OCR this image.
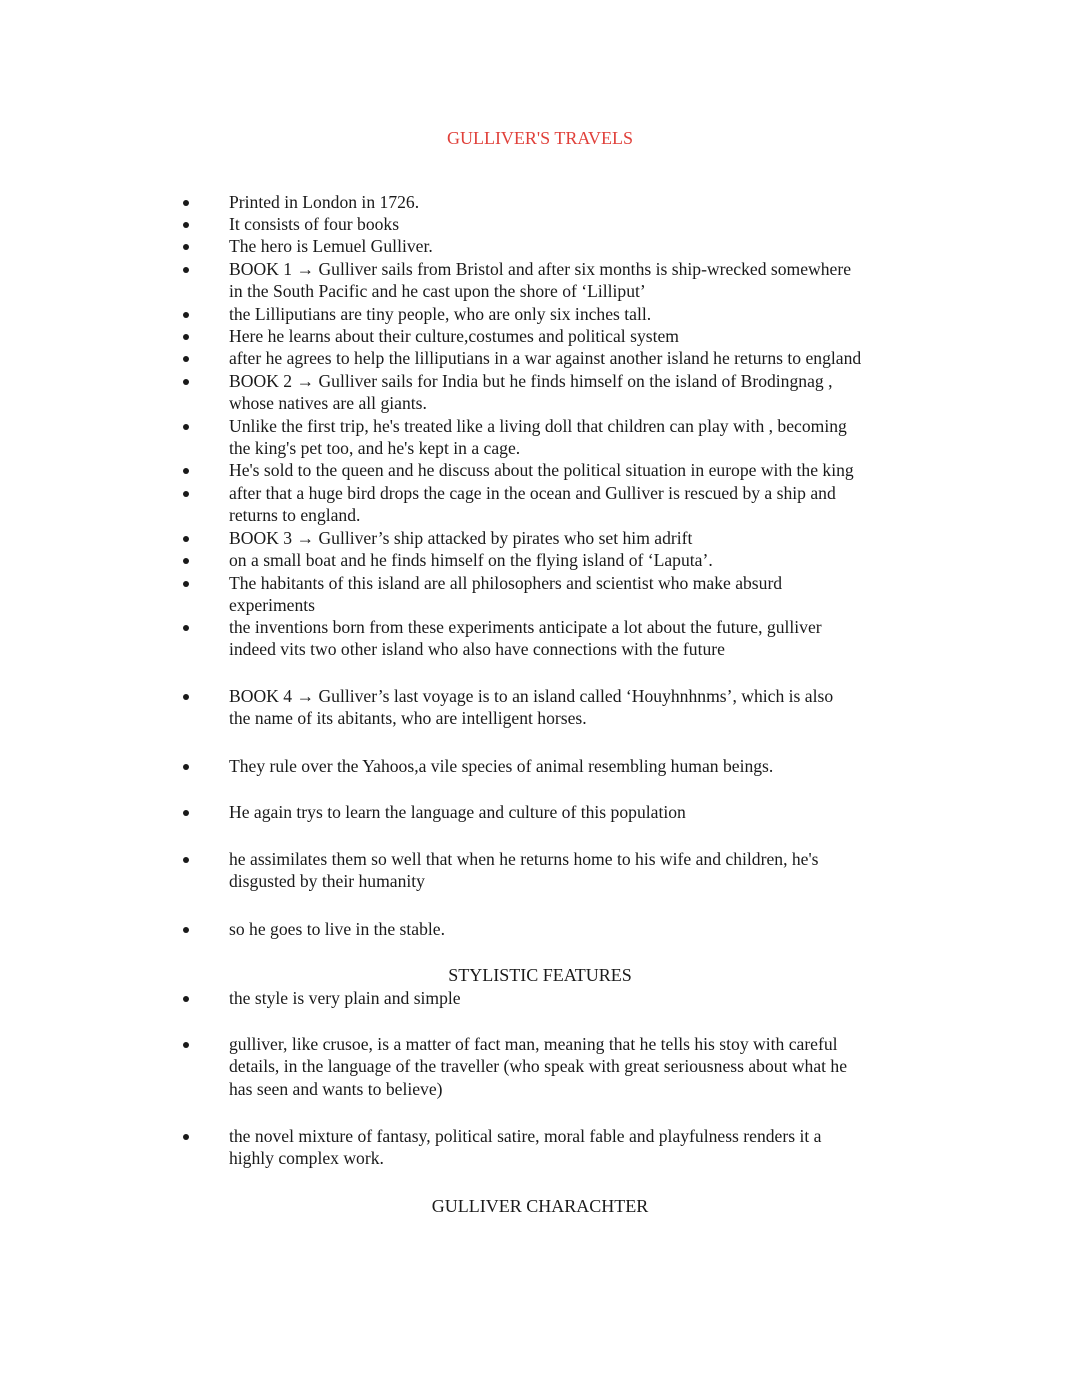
GULLIVER'S TRAVELS
Printed in London in 1726.
It consists of four books
The hero is Lemuel Gulliver.
BOOK 1 → Gulliver sails from Bristol and after six months is ship-wrecked somewhere
in the South Pacific and he cast upon the shore of ‘Lilliput’
the Lilliputians are tiny people, who are only six inches tall.
Here he learns about their culture,costumes and political system
after he agrees to help the lilliputians in a war against another island he returns to england
BOOK 2 → Gulliver sails for India but he finds himself on the island of Brodingnag ,
whose natives are all giants.
Unlike the first trip, he's treated like a living doll that children can play with , becoming
the king's pet too, and he's kept in a cage.
He's sold to the queen and he discuss about the political situation in europe with the king
after that a huge bird drops the cage in the ocean and Gulliver is rescued by a ship and
returns to england.
BOOK 3 → Gulliver’s ship attacked by pirates who set him adrift
on a small boat and he finds himself on the flying island of ‘Laputa’.
The habitants of this island are all philosophers and scientist who make absurd
experiments
the inventions born from these experiments anticipate a lot about the future, gulliver
indeed vits two other island who also have connections with the future
BOOK 4 → Gulliver’s last voyage is to an island called ‘Houyhnhnms’, which is also
the name of its abitants, who are intelligent horses.
They rule over the Yahoos,a vile species of animal resembling human beings.
He again trys to learn the language and culture of this population
he assimilates them so well that when he returns home to his wife and children, he's
disgusted by their humanity
so he goes to live in the stable.
the style is very plain and simple
gulliver, like crusoe, is a matter of fact man, meaning that he tells his stoy with careful
details, in the language of the traveller (who speak with great seriousness about what he
has seen and wants to believe)
the novel mixture of fantasy, political satire, moral fable and playfulness renders it a
highly complex work.
STYLISTIC FEATURES
GULLIVER CHARACHTER
